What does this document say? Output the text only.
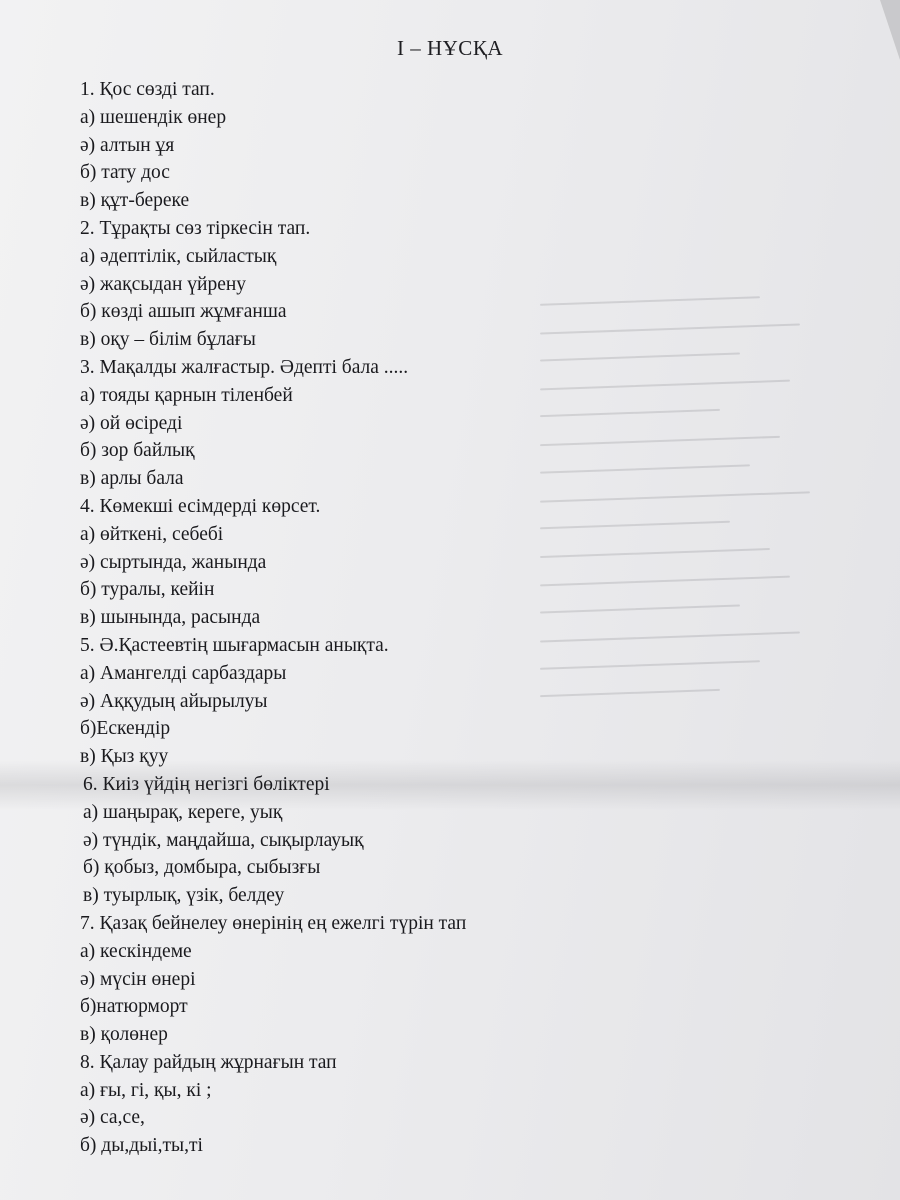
I – НҰСҚА
1. Қос сөзді тап.
а) шешендік өнер
ә) алтын ұя
б) тату дос
в) құт-береке
2. Тұрақты сөз тіркесін тап.
а) әдептілік, сыйластық
ә) жақсыдан үйрену
б) көзді ашып жұмғанша
в) оқу – білім бұлағы
3. Мақалды жалғастыр. Әдепті бала .....
а) тояды қарнын тіленбей
ә) ой өсіреді
б) зор байлық
в) арлы бала
4. Көмекші есімдерді көрсет.
а) өйткені, себебі
ә) сыртында, жанында
б) туралы, кейін
в) шынында, расында
5. Ә.Қастеевтің шығармасын анықта.
а) Амангелді сарбаздары
ә) Аққудың айырылуы
б)Ескендір
в) Қыз қуу
6. Киіз үйдің негізгі бөліктері
а) шаңырақ, кереге, уық
ә) түндік, маңдайша, сықырлауық
б) қобыз, домбыра, сыбызғы
в) туырлық, үзік, белдеу
7. Қазақ бейнелеу өнерінің ең ежелгі түрін тап
а) кескіндеме
ә) мүсін өнері
б)натюрморт
в) қолөнер
8. Қалау райдың жұрнағын тап
а) ғы, гі, қы, кі ;
ә) са,се,
б) ды,дыі,ты,ті
